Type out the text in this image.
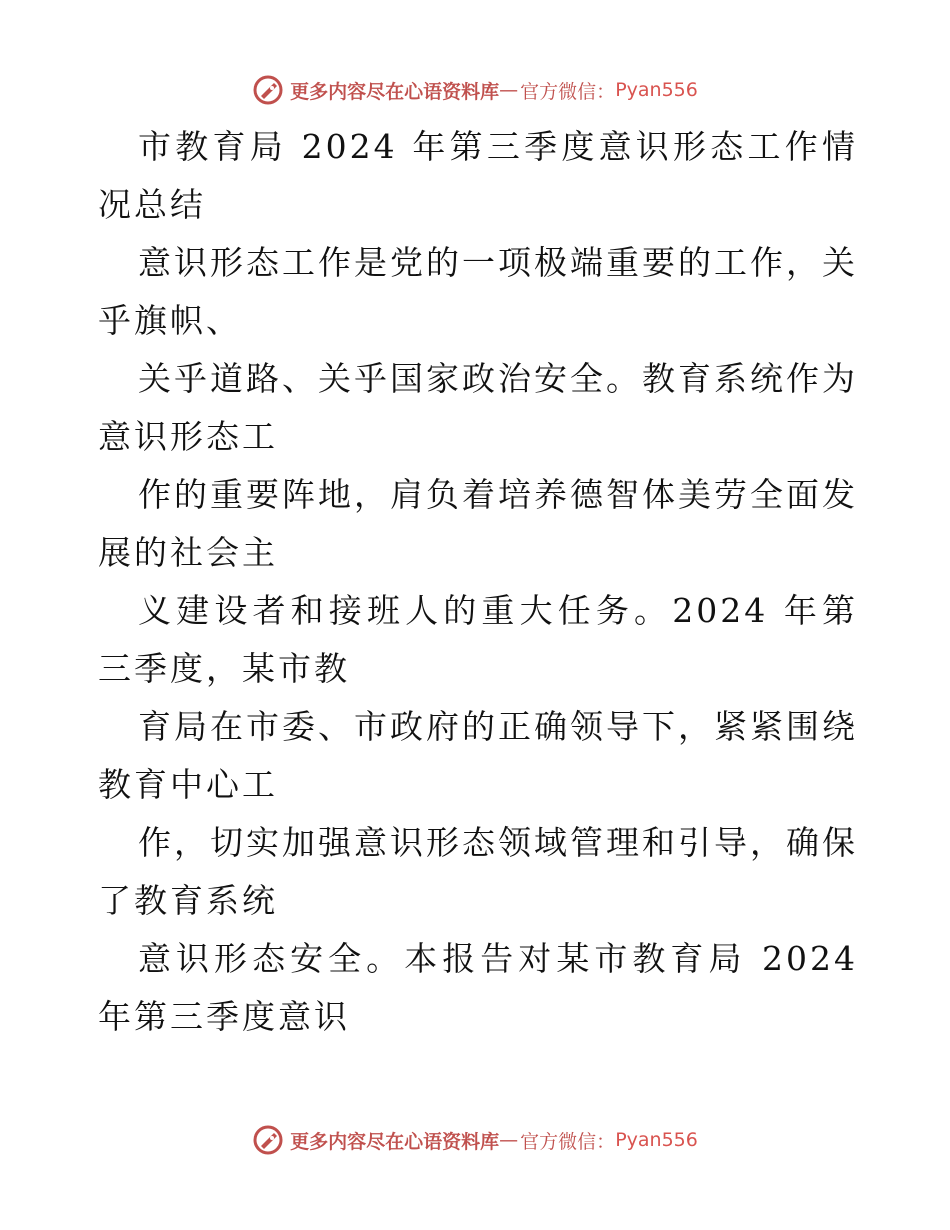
更多内容尽在心语资料库 — 官方微信： Pyan556

市教育局 2024 年第三季度意识形态工作情况总结

意识形态工作是党的一项极端重要的工作，关乎旗帜、

关乎道路、关乎国家政治安全。教育系统作为意识形态工

作的重要阵地，肩负着培养德智体美劳全面发展的社会主

义建设者和接班人的重大任务。2024 年第三季度，某市教

育局在市委、市政府的正确领导下，紧紧围绕教育中心工

作，切实加强意识形态领域管理和引导，确保了教育系统

意识形态安全。本报告对某市教育局 2024 年第三季度意识

更多内容尽在心语资料库 — 官方微信： Pyan556
